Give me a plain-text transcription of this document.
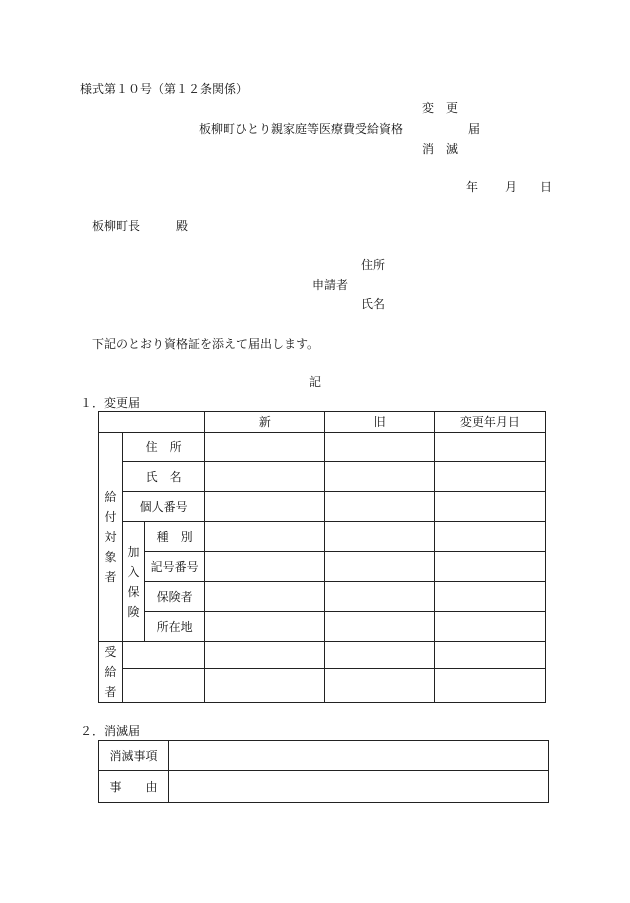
様式第１０号（第１２条関係）
変　更
板柳町ひとり親家庭等医療費受給資格	届
消　滅
年 月 日
板柳町長	殿
住所
申請者
氏名
下記のとおり資格証を添えて届出します。
記
１．変更届
			新	旧	変更年月日
給付対象者	住　所				
	氏　名				
	個人番号				
	加入保険	種　別			
		記号番号			
		保険者			
		所在地			
受給者					

２．消滅届
消滅事項	
事　　由	
